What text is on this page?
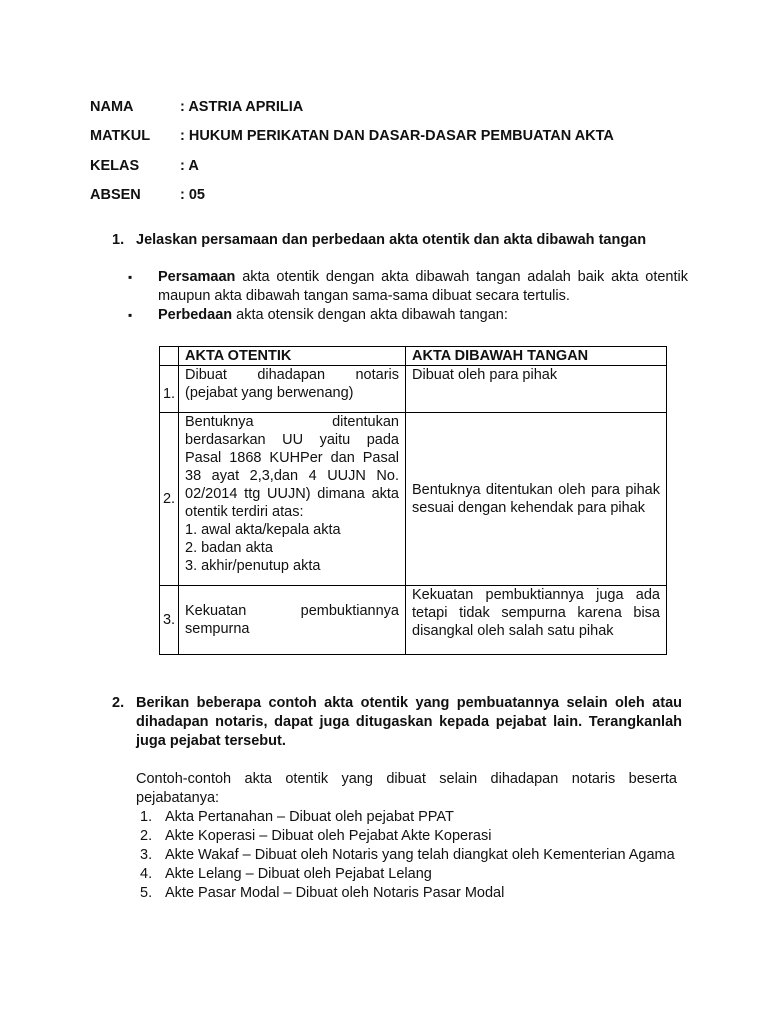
NAMA	: ASTRIA APRILIA
MATKUL	: HUKUM PERIKATAN DAN DASAR-DASAR PEMBUATAN AKTA
KELAS	: A
ABSEN	: 05
1. Jelaskan persamaan dan perbedaan akta otentik dan akta dibawah tangan
▪ Persamaan akta otentik dengan akta dibawah tangan adalah baik akta otentik maupun akta dibawah tangan sama-sama dibuat secara tertulis.
▪ Perbedaan akta otensik dengan akta dibawah tangan:
	AKTA OTENTIK	AKTA DIBAWAH TANGAN
1.	Dibuat dihadapan notaris
(pejabat yang berwenang)	Dibuat oleh para pihak
2.	Bentuknya ditentukan berdasarkan UU yaitu pada Pasal 1868 KUHPer dan Pasal 38 ayat 2,3,dan 4 UUJN No. 02/2014 ttg UUJN) dimana akta otentik terdiri atas:
1. awal akta/kepala akta
2. badan akta
3. akhir/penutup akta	Bentuknya ditentukan oleh para pihak sesuai dengan kehendak para pihak
3.	Kekuatan pembuktiannya sempurna	Kekuatan pembuktiannya juga ada tetapi tidak sempurna karena bisa disangkal oleh salah satu pihak
2. Berikan beberapa contoh akta otentik yang pembuatannya selain oleh atau dihadapan notaris, dapat juga ditugaskan kepada pejabat lain. Terangkanlah juga pejabat tersebut.
Contoh-contoh akta otentik yang dibuat selain dihadapan notaris beserta pejabatanya:
1. Akta Pertanahan – Dibuat oleh pejabat PPAT
2. Akte Koperasi – Dibuat oleh Pejabat Akte Koperasi
3. Akte Wakaf – Dibuat oleh Notaris yang telah diangkat oleh Kementerian Agama
4. Akte Lelang – Dibuat oleh Pejabat Lelang
5. Akte Pasar Modal – Dibuat oleh Notaris Pasar Modal
